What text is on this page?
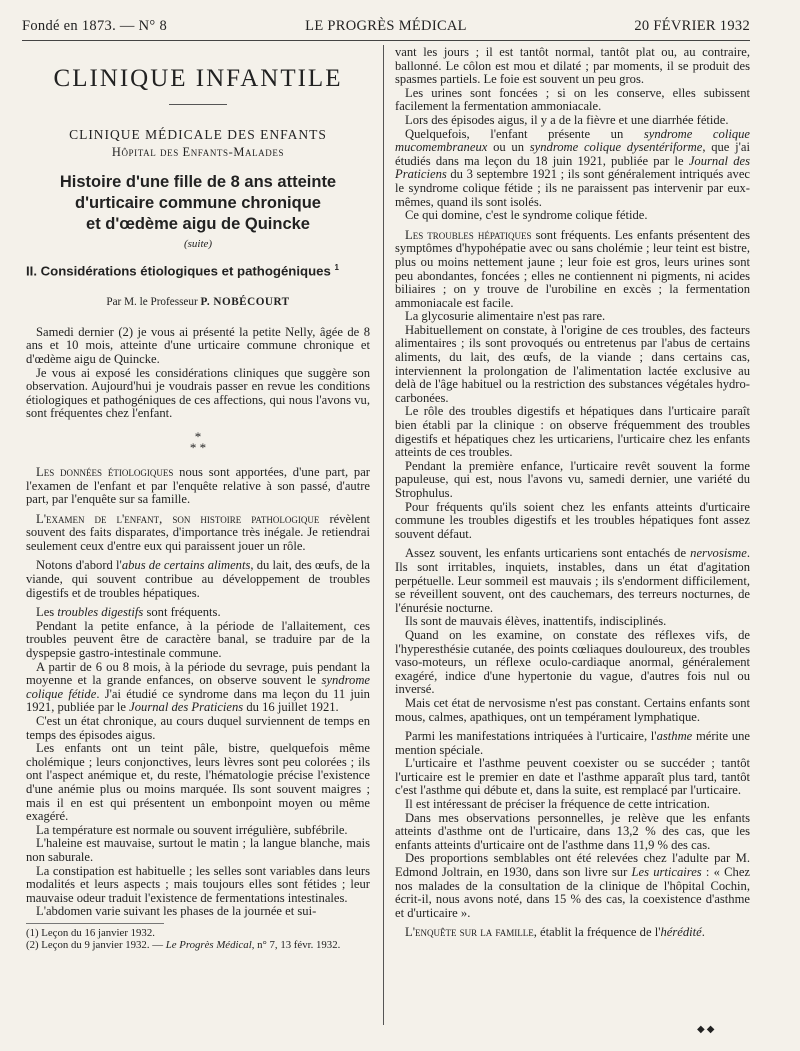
Fondé en 1873. — N° 8	LE PROGRÈS MÉDICAL	20 FÉVRIER 1932
CLINIQUE INFANTILE
CLINIQUE MÉDICALE DES ENFANTS
Hôpital des Enfants-Malades
Histoire d'une fille de 8 ans atteinte
d'urticaire commune chronique
et d'œdème aigu de Quincke
(suite)
II. Considérations étiologiques et pathogéniques $^1$
Par M. le Professeur P. NOBÉCOURT

Samedi dernier (2) je vous ai présenté la petite Nelly, âgée de 8 ans et 10 mois, atteinte d'une urticaire commune chronique et d'œdème aigu de Quincke.

Je vous ai exposé les considérations cliniques que suggère son observation. Aujourd'hui je voudrais passer en revue les conditions étiologiques et pathogéniques de ces affections, qui nous l'avons vu, sont fréquentes chez l'enfant.

*
* *

Les données étiologiques nous sont apportées, d'une part, par l'examen de l'enfant et par l'enquête relative à son passé, d'autre part, par l'enquête sur sa famille.

L'examen de l'enfant, son histoire pathologique révèlent souvent des faits disparates, d'importance très inégale. Je retiendrai seulement ceux d'entre eux qui paraissent jouer un rôle.

Notons d'abord l'abus de certains aliments, du lait, des œufs, de la viande, qui souvent contribue au développement de troubles digestifs et de troubles hépatiques.

Les troubles digestifs sont fréquents.

Pendant la petite enfance, à la période de l'allaitement, ces troubles peuvent être de caractère banal, se traduire par de la dyspepsie gastro-intestinale commune.

A partir de 6 ou 8 mois, à la période du sevrage, puis pendant la moyenne et la grande enfances, on observe souvent le syndrome colique fétide. J'ai étudié ce syndrome dans ma leçon du 11 juin 1921, publiée par le Journal des Praticiens du 16 juillet 1921.

C'est un état chronique, au cours duquel surviennent de temps en temps des épisodes aigus.

Les enfants ont un teint pâle, bistre, quelquefois même cholémique ; leurs conjonctives, leurs lèvres sont peu colorées ; ils ont l'aspect anémique et, du reste, l'hématologie précise l'existence d'une anémie plus ou moins marquée. Ils sont souvent maigres ; mais il en est qui présentent un embonpoint moyen ou même exagéré.

La température est normale ou souvent irrégulière, subfébrile.

L'haleine est mauvaise, surtout le matin ; la langue blanche, mais non saburale.

La constipation est habituelle ; les selles sont variables dans leurs modalités et leurs aspects ; mais toujours elles sont fétides ; leur mauvaise odeur traduit l'existence de fermentations intestinales.

L'abdomen varie suivant les phases de la journée et sui-

(1) Leçon du 16 janvier 1932.
(2) Leçon du 9 janvier 1932. — Le Progrès Médical, n° 7, 13 févr. 1932.

vant les jours ; il est tantôt normal, tantôt plat ou, au contraire, ballonné. Le côlon est mou et dilaté ; par moments, il se produit des spasmes partiels. Le foie est souvent un peu gros.

Les urines sont foncées ; si on les conserve, elles subissent facilement la fermentation ammoniacale.

Lors des épisodes aigus, il y a de la fièvre et une diarrhée fétide.

Quelquefois, l'enfant présente un syndrome colique mucomembraneux ou un syndrome colique dysentériforme, que j'ai étudiés dans ma leçon du 18 juin 1921, publiée par le Journal des Praticiens du 3 septembre 1921 ; ils sont généralement intriqués avec le syndrome colique fétide ; ils ne paraissent pas intervenir par eux-mêmes, quand ils sont isolés.

Ce qui domine, c'est le syndrome colique fétide.

Les troubles hépatiques sont fréquents. Les enfants présentent des symptômes d'hypohépatie avec ou sans cholémie ; leur teint est bistre, plus ou moins nettement jaune ; leur foie est gros, leurs urines sont peu abondantes, foncées ; elles ne contiennent ni pigments, ni acides biliaires ; on y trouve de l'urobiline en excès ; la fermentation ammoniacale est facile.

La glycosurie alimentaire n'est pas rare.

Habituellement on constate, à l'origine de ces troubles, des facteurs alimentaires ; ils sont provoqués ou entretenus par l'abus de certains aliments, du lait, des œufs, de la viande ; dans certains cas, interviennent la prolongation de l'alimentation lactée exclusive au delà de l'âge habituel ou la restriction des substances végétales hydro-carbonées.

Le rôle des troubles digestifs et hépatiques dans l'urticaire paraît bien établi par la clinique : on observe fréquemment des troubles digestifs et hépatiques chez les urticariens, l'urticaire chez les enfants atteints de ces troubles.

Pendant la première enfance, l'urticaire revêt souvent la forme papuleuse, qui est, nous l'avons vu, samedi dernier, une variété du Strophulus.

Pour fréquents qu'ils soient chez les enfants atteints d'urticaire commune les troubles digestifs et les troubles hépatiques font assez souvent défaut.

Assez souvent, les enfants urticariens sont entachés de nervosisme. Ils sont irritables, inquiets, instables, dans un état d'agitation perpétuelle. Leur sommeil est mauvais ; ils s'endorment difficilement, se réveillent souvent, ont des cauchemars, des terreurs nocturnes, de l'énurésie nocturne.

Ils sont de mauvais élèves, inattentifs, indisciplinés.

Quand on les examine, on constate des réflexes vifs, de l'hyperesthésie cutanée, des points cœliaques douloureux, des troubles vaso-moteurs, un réflexe oculo-cardiaque anormal, généralement exagéré, indice d'une hypertonie du vague, d'autres fois nul ou inversé.

Mais cet état de nervosisme n'est pas constant. Certains enfants sont mous, calmes, apathiques, ont un tempérament lymphatique.

Parmi les manifestations intriquées à l'urticaire, l'asthme mérite une mention spéciale.

L'urticaire et l'asthme peuvent coexister ou se succéder ; tantôt l'urticaire est le premier en date et l'asthme apparaît plus tard, tantôt c'est l'asthme qui débute et, dans la suite, est remplacé par l'urticaire.

Il est intéressant de préciser la fréquence de cette intrication.

Dans mes observations personnelles, je relève que les enfants atteints d'asthme ont de l'urticaire, dans 13,2 % des cas, que les enfants atteints d'urticaire ont de l'asthme dans 11,9 % des cas.

Des proportions semblables ont été relevées chez l'adulte par M. Edmond Joltrain, en 1930, dans son livre sur Les urticaires : « Chez nos malades de la consultation de la clinique de l'hôpital Cochin, écrit-il, nous avons noté, dans 15 % des cas, la coexistence d'asthme et d'urticaire ».

L'enquête sur la famille, établit la fréquence de l'hérédité.

◆◆
